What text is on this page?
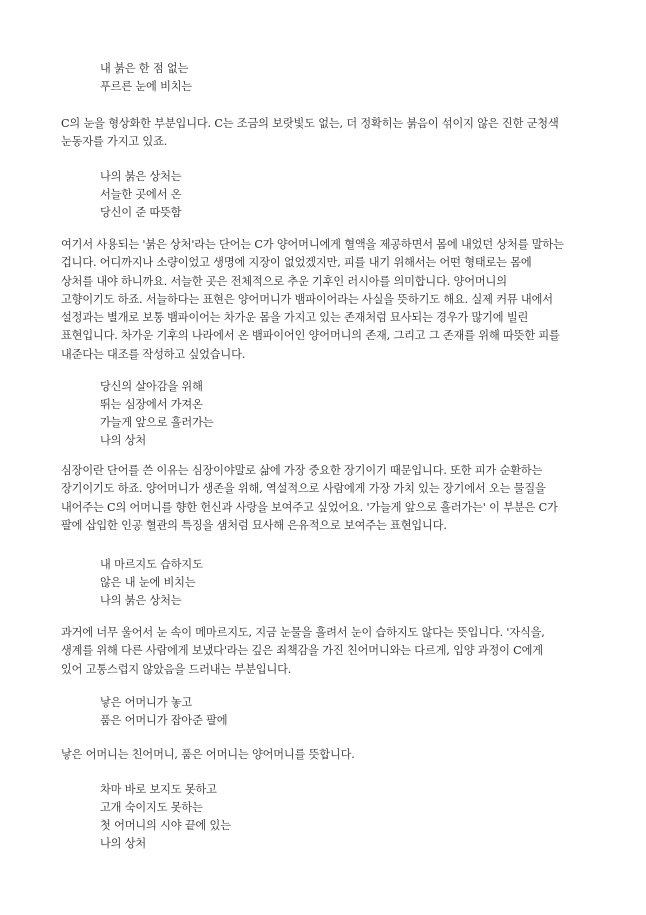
내 붉은 한 점 없는
푸르른 눈에 비치는
C의 눈을 형상화한 부분입니다. C는 조금의 보랏빛도 없는, 더 정확히는 붉음이 섞이지 않은 진한 군청색
눈동자를 가지고 있죠.
나의 붉은 상처는
서늘한 곳에서 온
당신이 준 따뜻함
여기서 사용되는 '붉은 상처'라는 단어는 C가 양어머니에게 혈액을 제공하면서 몸에 내었던 상처를 말하는
겁니다. 어디까지나 소량이었고 생명에 지장이 없었겠지만, 피를 내기 위해서는 어떤 형태로는 몸에
상처를 내야 하니까요. 서늘한 곳은 전체적으로 추운 기후인 러시아를 의미합니다. 양어머니의
고향이기도 하죠. 서늘하다는 표현은 양어머니가 뱀파이어라는 사실을 뜻하기도 해요. 실제 커뮤 내에서
설정과는 별개로 보통 뱀파이어는 차가운 몸을 가지고 있는 존재처럼 묘사되는 경우가 많기에 빌린
표현입니다. 차가운 기후의 나라에서 온 뱀파이어인 양어머니의 존재, 그리고 그 존재를 위해 따뜻한 피를
내준다는 대조를 작성하고 싶었습니다.
당신의 살아감을 위해
뛰는 심장에서 가져온
가늘게 앞으로 흘러가는
나의 상처
심장이란 단어를 쓴 이유는 심장이야말로 삶에 가장 중요한 장기이기 때문입니다. 또한 피가 순환하는
장기이기도 하죠. 양어머니가 생존을 위해, 역설적으로 사람에게 가장 가치 있는 장기에서 오는 물질을
내어주는 C의 어머니를 향한 헌신과 사랑을 보여주고 싶었어요. '가늘게 앞으로 흘러가는' 이 부분은 C가
팔에 삽입한 인공 혈관의 특징을 샘처럼 묘사해 은유적으로 보여주는 표현입니다.
내 마르지도 습하지도
않은 내 눈에 비치는
나의 붉은 상처는
과거에 너무 울어서 눈 속이 메마르지도, 지금 눈물을 흘려서 눈이 습하지도 않다는 뜻입니다. '자식을,
생계를 위해 다른 사람에게 보냈다'라는 깊은 죄책감을 가진 친어머니와는 다르게, 입양 과정이 C에게
있어 고통스럽지 않았음을 드러내는 부분입니다.
낳은 어머니가 놓고
품은 어머니가 잡아준 팔에
낳은 어머니는 친어머니, 품은 어머니는 양어머니를 뜻합니다.
차마 바로 보지도 못하고
고개 숙이지도 못하는
첫 어머니의 시야 끝에 있는
나의 상처
